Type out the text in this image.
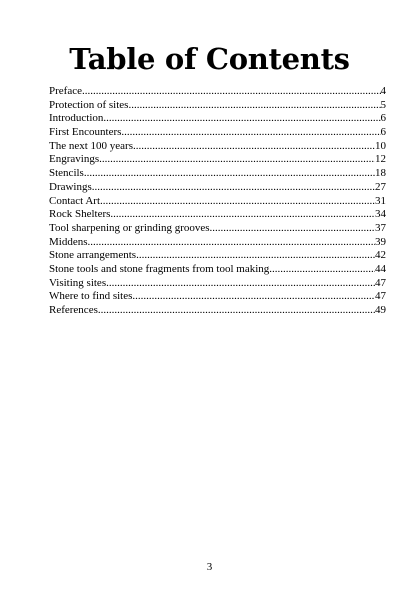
Table of Contents
Preface .....	4
Protection of sites .....	5
Introduction .....	6
First Encounters .....	6
The next 100 years .....	10
Engravings .....	12
Stencils .....	18
Drawings .....	27
Contact Art .....	31
Rock Shelters .....	34
Tool sharpening or grinding grooves .....	37
Middens .....	39
Stone arrangements .....	42
Stone tools and stone fragments from tool making .....	44
Visiting sites .....	47
Where to find sites .....	47
References .....	49

3
